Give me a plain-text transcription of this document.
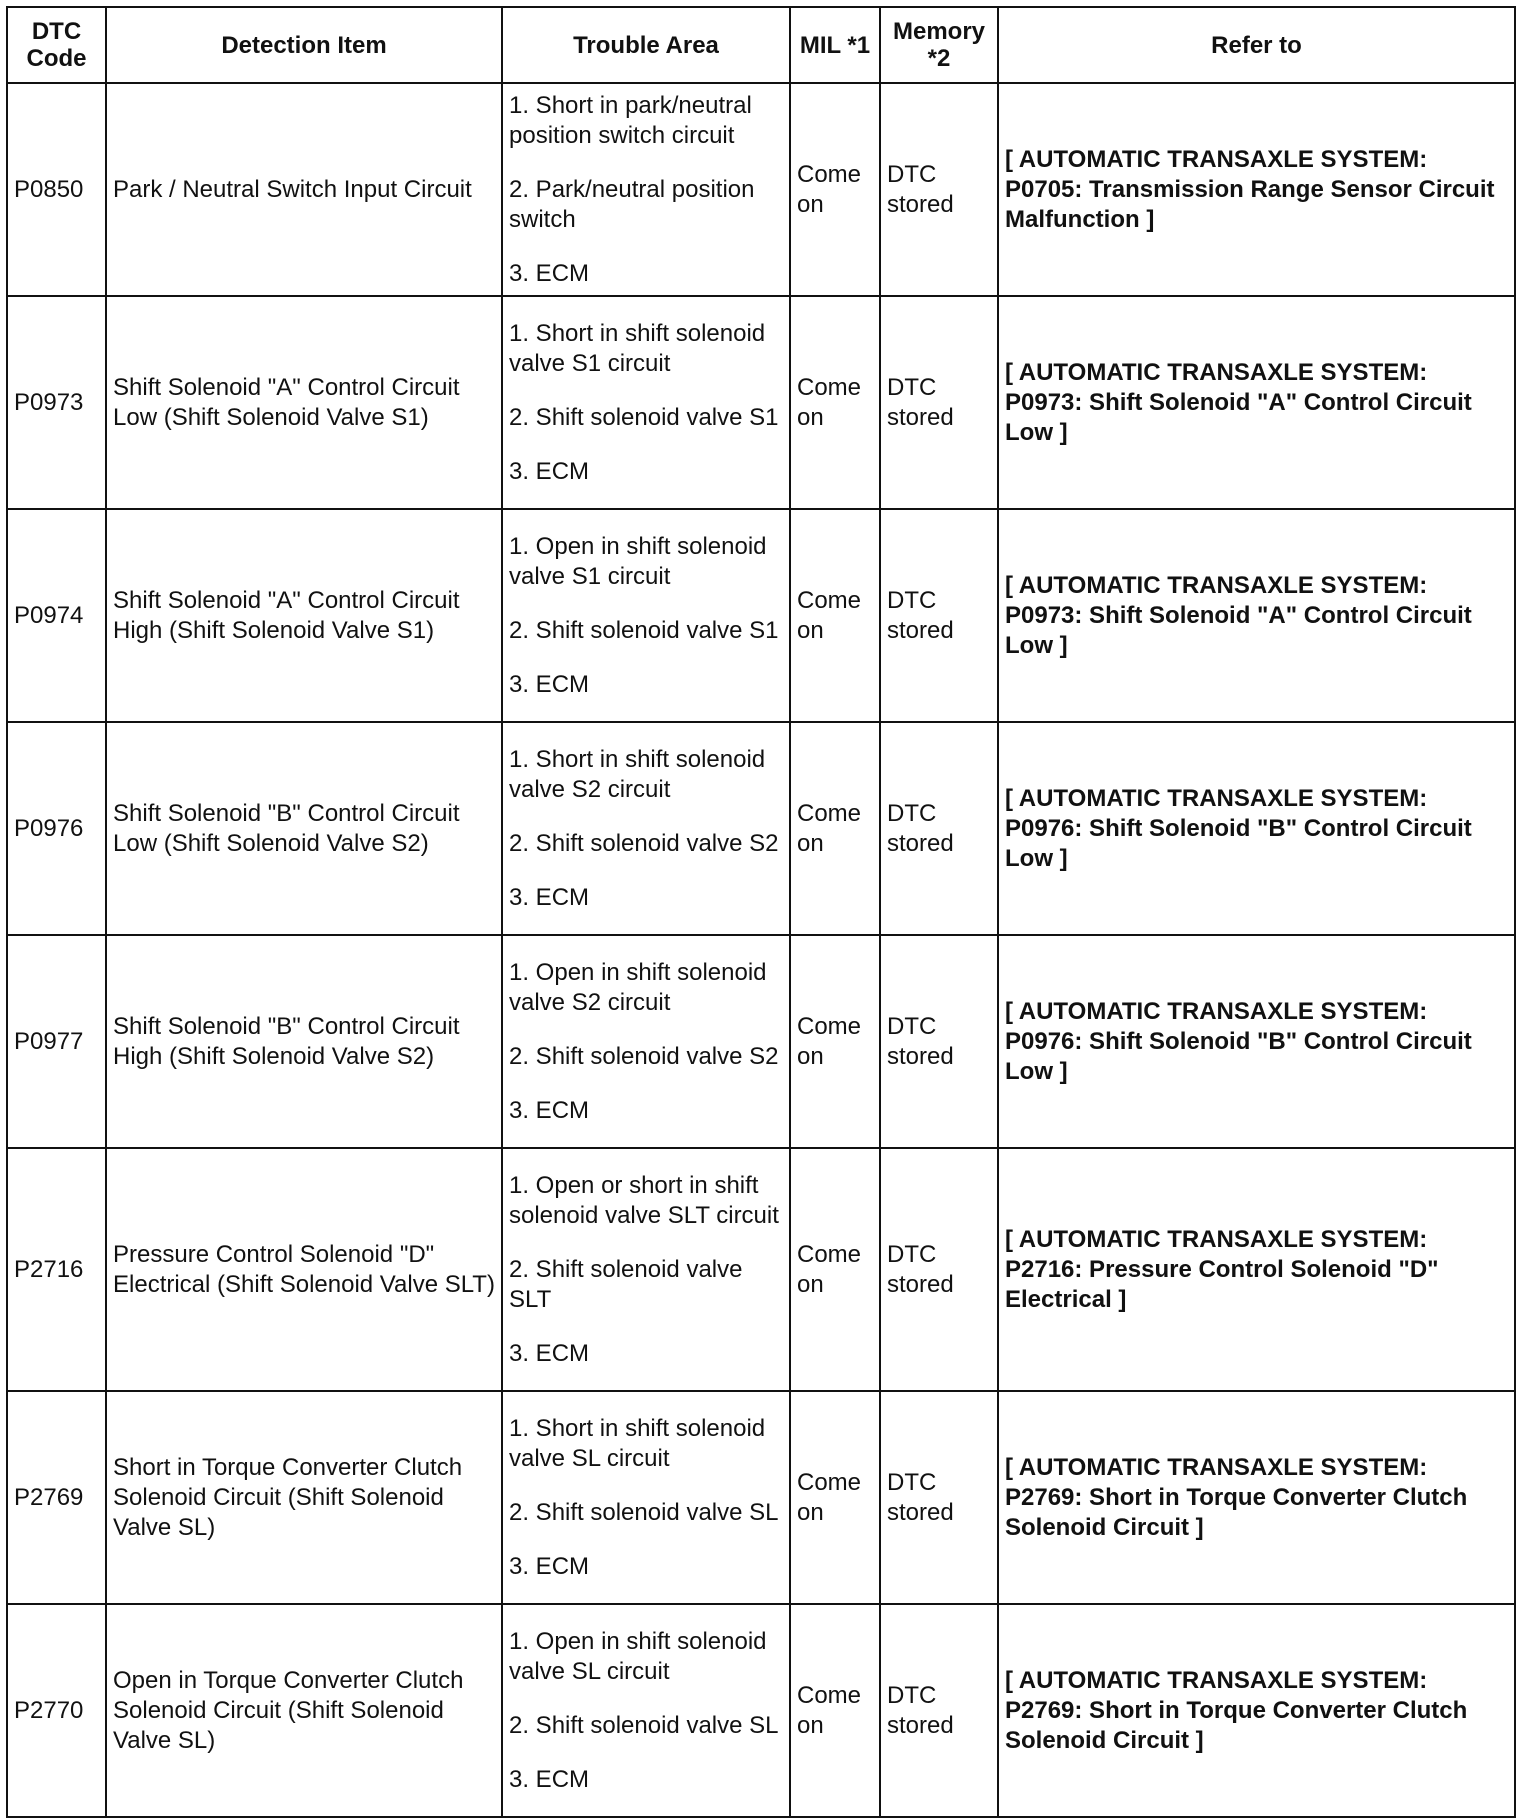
DTC Code	Detection Item	Trouble Area	MIL *1	Memory *2	Refer to
P0850	Park / Neutral Switch Input Circuit	1. Short in park/neutral position switch circuit
2. Park/neutral position switch
3. ECM	Come on	DTC stored	[ AUTOMATIC TRANSAXLE SYSTEM: P0705: Transmission Range Sensor Circuit Malfunction ]
P0973	Shift Solenoid "A" Control Circuit Low (Shift Solenoid Valve S1)	1. Short in shift solenoid valve S1 circuit
2. Shift solenoid valve S1
3. ECM	Come on	DTC stored	[ AUTOMATIC TRANSAXLE SYSTEM: P0973: Shift Solenoid "A" Control Circuit Low ]
P0974	Shift Solenoid "A" Control Circuit High (Shift Solenoid Valve S1)	1. Open in shift solenoid valve S1 circuit
2. Shift solenoid valve S1
3. ECM	Come on	DTC stored	[ AUTOMATIC TRANSAXLE SYSTEM: P0973: Shift Solenoid "A" Control Circuit Low ]
P0976	Shift Solenoid "B" Control Circuit Low (Shift Solenoid Valve S2)	1. Short in shift solenoid valve S2 circuit
2. Shift solenoid valve S2
3. ECM	Come on	DTC stored	[ AUTOMATIC TRANSAXLE SYSTEM: P0976: Shift Solenoid "B" Control Circuit Low ]
P0977	Shift Solenoid "B" Control Circuit High (Shift Solenoid Valve S2)	1. Open in shift solenoid valve S2 circuit
2. Shift solenoid valve S2
3. ECM	Come on	DTC stored	[ AUTOMATIC TRANSAXLE SYSTEM: P0976: Shift Solenoid "B" Control Circuit Low ]
P2716	Pressure Control Solenoid "D" Electrical (Shift Solenoid Valve SLT)	1. Open or short in shift solenoid valve SLT circuit
2. Shift solenoid valve SLT
3. ECM	Come on	DTC stored	[ AUTOMATIC TRANSAXLE SYSTEM: P2716: Pressure Control Solenoid "D" Electrical ]
P2769	Short in Torque Converter Clutch Solenoid Circuit (Shift Solenoid Valve SL)	1. Short in shift solenoid valve SL circuit
2. Shift solenoid valve SL
3. ECM	Come on	DTC stored	[ AUTOMATIC TRANSAXLE SYSTEM: P2769: Short in Torque Converter Clutch Solenoid Circuit ]
P2770	Open in Torque Converter Clutch Solenoid Circuit (Shift Solenoid Valve SL)	1. Open in shift solenoid valve SL circuit
2. Shift solenoid valve SL
3. ECM	Come on	DTC stored	[ AUTOMATIC TRANSAXLE SYSTEM: P2769: Short in Torque Converter Clutch Solenoid Circuit ]
